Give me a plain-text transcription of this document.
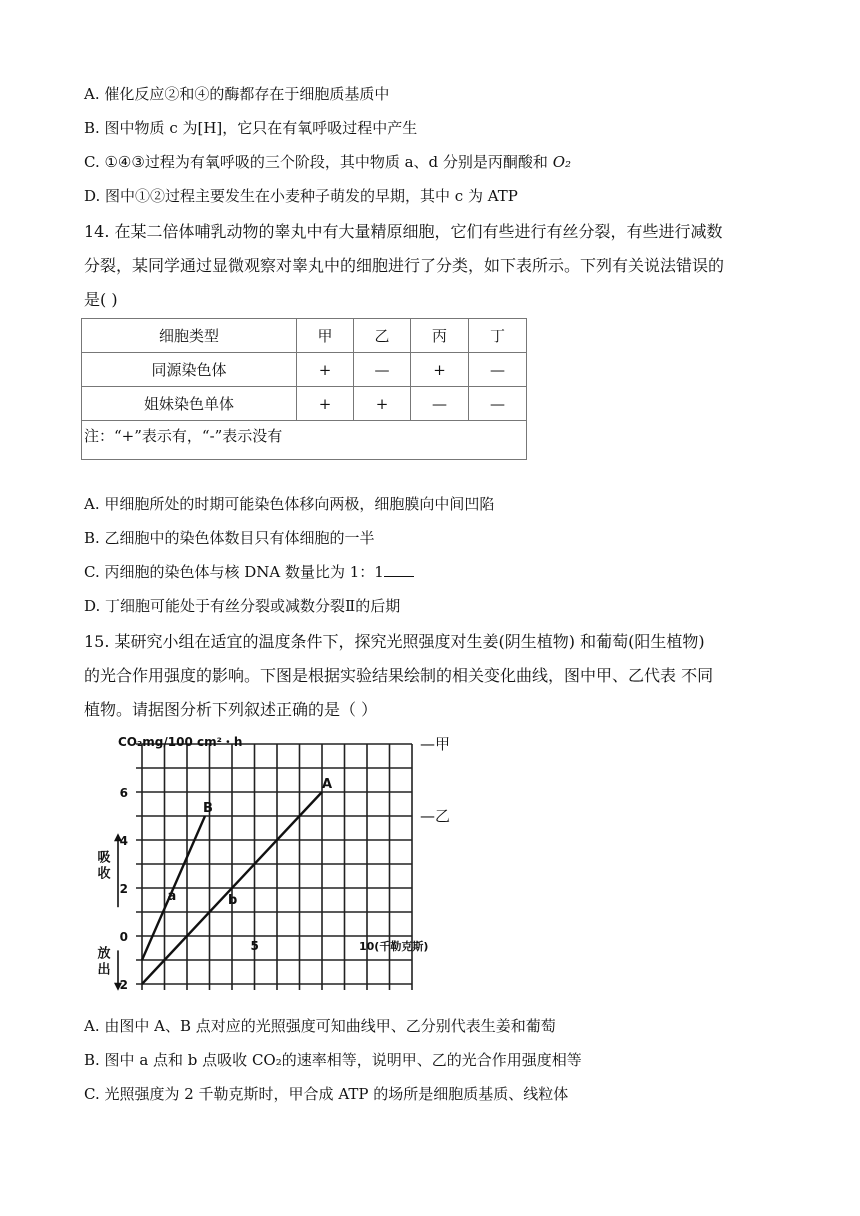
A. 催化反应②和④的酶都存在于细胞质基质中
B. 图中物质 c 为[H]，它只在有氧呼吸过程中产生
C. ①④③过程为有氧呼吸的三个阶段，其中物质 a、d 分别是丙酮酸和 O₂
D. 图中①②过程主要发生在小麦种子萌发的早期，其中 c 为 ATP
14. 在某二倍体哺乳动物的睾丸中有大量精原细胞，它们有些进行有丝分裂，有些进行减数
分裂，某同学通过显微观察对睾丸中的细胞进行了分类，如下表所示。下列有关说法错误的
是( )
细胞类型	甲	乙	丙	丁
同源染色体	+	—	+	—
姐妹染色单体	+	+	—	—
注：“+”表示有，“-”表示没有				
A. 甲细胞所处的时期可能染色体移向两极，细胞膜向中间凹陷
B. 乙细胞中的染色体数目只有体细胞的一半
C. 丙细胞的染色体与核 DNA 数量比为 1：1
D. 丁细胞可能处于有丝分裂或减数分裂Ⅱ的后期
15. 某研究小组在适宜的温度条件下，探究光照强度对生姜(阴生植物) 和葡萄(阳生植物)
的光合作用强度的影响。下图是根据实验结果绘制的相关变化曲线，图中甲、乙代表 不同
植物。请据图分析下列叙述正确的是（ ）
—甲
—乙
A
B
a	b
6
4
2
0
2
5	10(千勒克斯)
CO₂mg/100 cm²・h
吸收
放出
A. 由图中 A、B 点对应的光照强度可知曲线甲、乙分别代表生姜和葡萄
B. 图中 a 点和 b 点吸收 CO₂的速率相等，说明甲、乙的光合作用强度相等
C. 光照强度为 2 千勒克斯时，甲合成 ATP 的场所是细胞质基质、线粒体
